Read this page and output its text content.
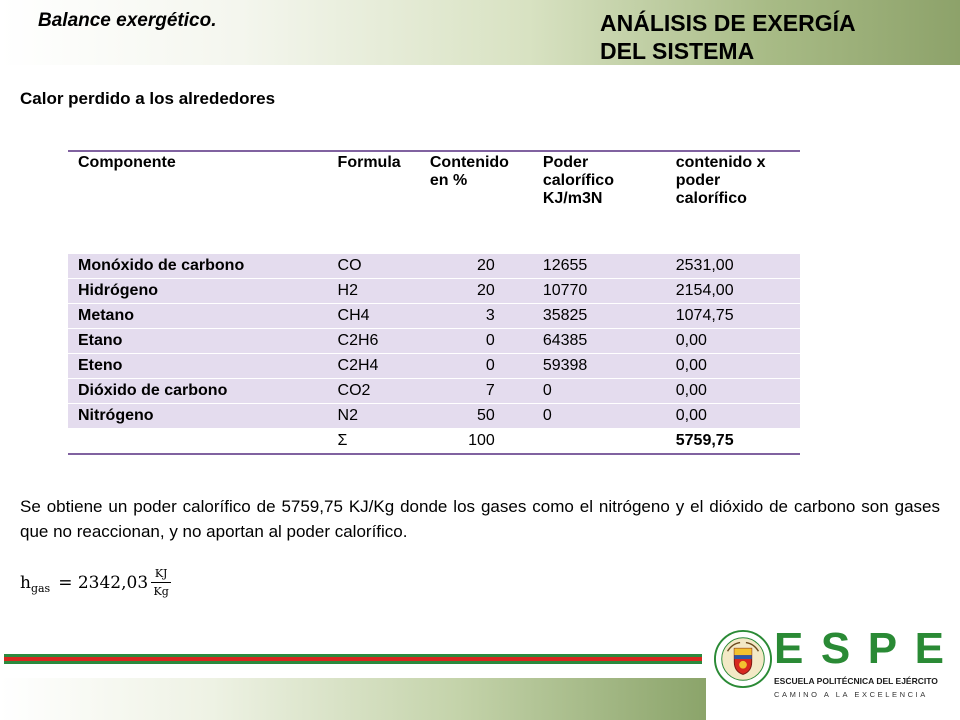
Balance exergético.	ANÁLISIS DE EXERGÍA
DEL SISTEMA
Calor perdido a los alrededores
Componente	Formula	Contenido en %	Poder calorífico KJ/m3N	contenido x poder calorífico
Monóxido de carbono	CO	20	12655	2531,00
Hidrógeno	H2	20	10770	2154,00
Metano	CH4	3	35825	1074,75
Etano	C2H6	0	64385	0,00
Eteno	C2H4	0	59398	0,00
Dióxido de carbono	CO2	7	0	0,00
Nitrógeno	N2	50	0	0,00
	Σ	100		5759,75
Se obtiene un poder calorífico de 5759,75 KJ/Kg donde los gases como el nitrógeno y el dióxido de carbono son gases que no reaccionan, y no aportan al poder calorífico.
h gas = $2342,03 \frac{KJ}{Kg}$
E S P E
ESCUELA POLITÉCNICA DEL EJÉRCITO
CAMINO A LA EXCELENCIA
